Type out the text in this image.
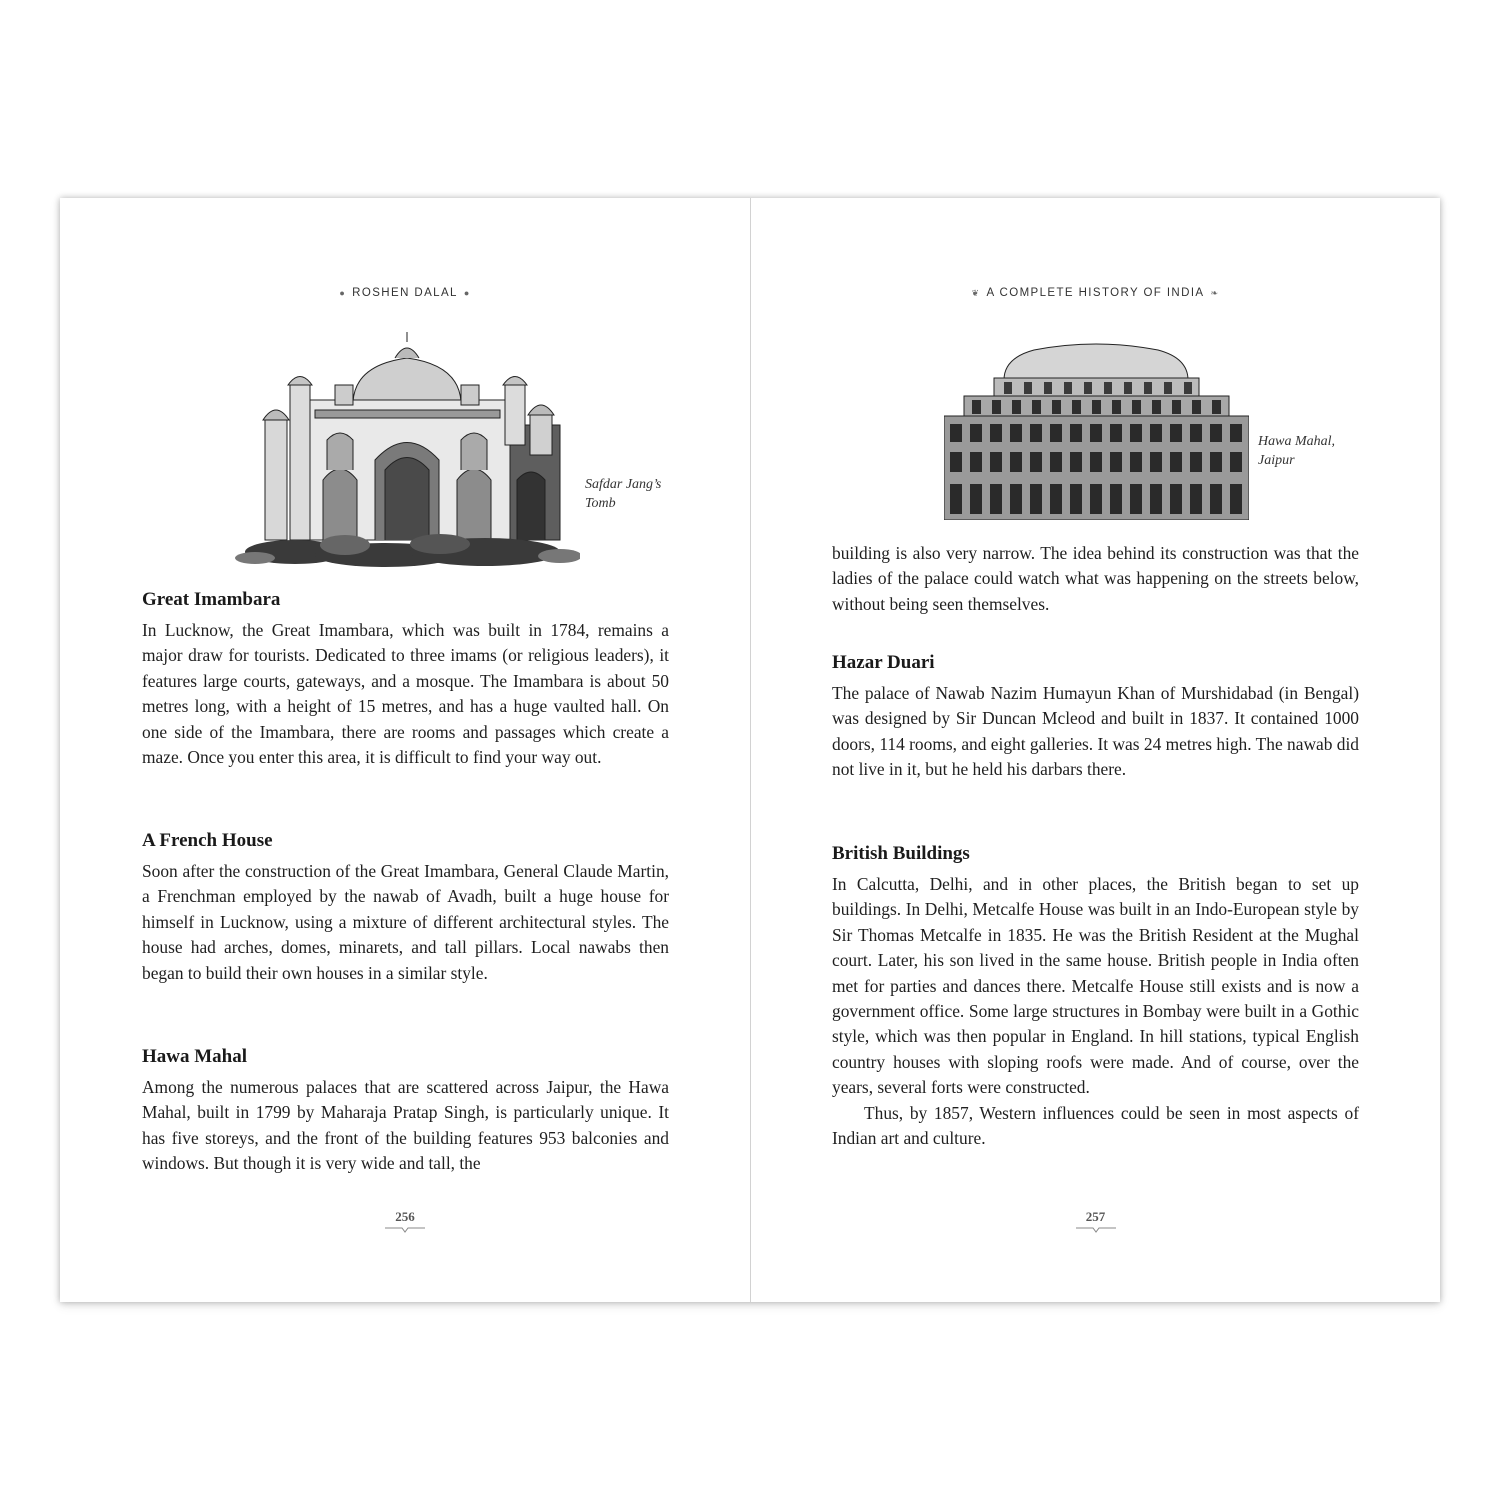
● ROSHEN DALAL ●
Safdar Jang’s
Tomb
Great Imambara

In Lucknow, the Great Imambara, which was built in 1784, remains a major draw for tourists. Dedicated to three imams (or religious leaders), it features large courts, gateways, and a mosque. The Imambara is about 50 metres long, with a height of 15 metres, and has a huge vaulted hall. On one side of the Imambara, there are rooms and passages which create a maze. Once you enter this area, it is difficult to find your way out.

A French House

Soon after the construction of the Great Imambara, General Claude Martin, a Frenchman employed by the nawab of Avadh, built a huge house for himself in Lucknow, using a mixture of different architectural styles. The house had arches, domes, minarets, and tall pillars. Local nawabs then began to build their own houses in a similar style.

Hawa Mahal

Among the numerous palaces that are scattered across Jaipur, the Hawa Mahal, built in 1799 by Maharaja Pratap Singh, is particularly unique. It has five storeys, and the front of the building features 953 balconies and windows. But though it is very wide and tall, the

256
❦ A COMPLETE HISTORY OF INDIA ❧
Hawa Mahal,
Jaipur

building is also very narrow. The idea behind its construction was that the ladies of the palace could watch what was happening on the streets below, without being seen themselves.

Hazar Duari

The palace of Nawab Nazim Humayun Khan of Murshidabad (in Bengal) was designed by Sir Duncan Mcleod and built in 1837. It contained 1000 doors, 114 rooms, and eight galleries. It was 24 metres high. The nawab did not live in it, but he held his darbars there.

British Buildings

In Calcutta, Delhi, and in other places, the British began to set up buildings. In Delhi, Metcalfe House was built in an Indo-European style by Sir Thomas Metcalfe in 1835. He was the British Resident at the Mughal court. Later, his son lived in the same house. British people in India often met for parties and dances there. Metcalfe House still exists and is now a government office. Some large structures in Bombay were built in a Gothic style, which was then popular in England. In hill stations, typical English country houses with sloping roofs were made. And of course, over the years, several forts were constructed.

Thus, by 1857, Western influences could be seen in most aspects of Indian art and culture.

257
